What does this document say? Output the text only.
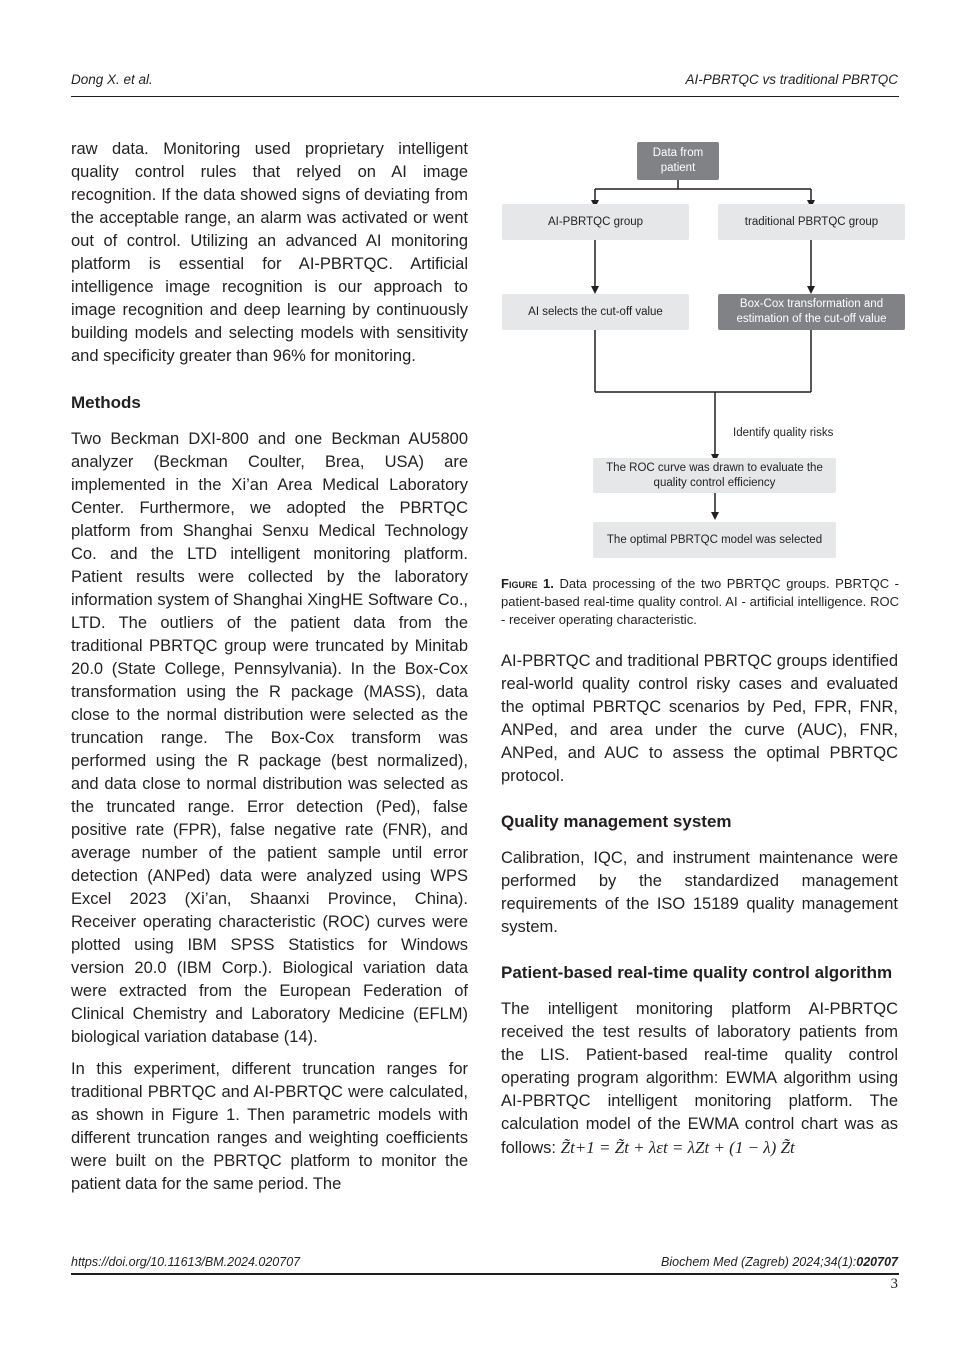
Dong X. et al.	AI-PBRTQC vs traditional PBRTQC

raw data. Monitoring used proprietary intelligent quality control rules that relyed on AI image recognition. If the data showed signs of deviating from the acceptable range, an alarm was activated or went out of control. Utilizing an advanced AI monitoring platform is essential for AI-PBRTQC. Artificial intelligence image recognition is our approach to image recognition and deep learning by continuously building models and selecting models with sensitivity and specificity greater than 96% for monitoring.

Methods

Two Beckman DXI-800 and one Beckman AU5800 analyzer (Beckman Coulter, Brea, USA) are implemented in the Xi’an Area Medical Laboratory Center. Furthermore, we adopted the PBRTQC platform from Shanghai Senxu Medical Technology Co. and the LTD intelligent monitoring platform. Patient results were collected by the laboratory information system of Shanghai XingHE Software Co., LTD. The outliers of the patient data from the traditional PBRTQC group were truncated by Minitab 20.0 (State College, Pennsylvania). In the Box-Cox transformation using the R package (MASS), data close to the normal distribution were selected as the truncation range. The Box-Cox transform was performed using the R package (best normalized), and data close to normal distribution was selected as the truncated range. Error detection (Ped), false positive rate (FPR), false negative rate (FNR), and average number of the patient sample until error detection (ANPed) data were analyzed using WPS Excel 2023 (Xi’an, Shaanxi Province, China). Receiver operating characteristic (ROC) curves were plotted using IBM SPSS Statistics for Windows version 20.0 (IBM Corp.). Biological variation data were extracted from the European Federation of Clinical Chemistry and Laboratory Medicine (EFLM) biological variation database (14).

In this experiment, different truncation ranges for traditional PBRTQC and AI-PBRTQC were calculated, as shown in Figure 1. Then parametric models with different truncation ranges and weighting coefficients were built on the PBRTQC platform to monitor the patient data for the same period. The

Data from patient
AI-PBRTQC group	traditional PBRTQC group
AI selects the cut-off value
Box-Cox transformation and estimation of the cut-off value
Identify quality risks
The ROC curve was drawn to evaluate the quality control efficiency
The optimal PBRTQC model was selected
Figure 1. Data processing of the two PBRTQC groups. PBRTQC - patient-based real-time quality control. AI - artificial intelligence. ROC - receiver operating characteristic.

AI-PBRTQC and traditional PBRTQC groups identified real-world quality control risky cases and evaluated the optimal PBRTQC scenarios by Ped, FPR, FNR, ANPed, and area under the curve (AUC), FNR, ANPed, and AUC to assess the optimal PBRTQC protocol.

Quality management system

Calibration, IQC, and instrument maintenance were performed by the standardized management requirements of the ISO 15189 quality management system.

Patient-based real-time quality control algorithm

The intelligent monitoring platform AI-PBRTQC received the test results of laboratory patients from the LIS. Patient-based real-time quality control operating program algorithm: EWMA algorithm using AI-PBRTQC intelligent monitoring platform. The calculation model of the EWMA control chart was as follows: Z̃t+1 = Z̃t + λεt = λZt + (1 − λ) Z̃t

https://doi.org/10.11613/BM.2024.020707	Biochem Med (Zagreb) 2024;34(1):020707
3
